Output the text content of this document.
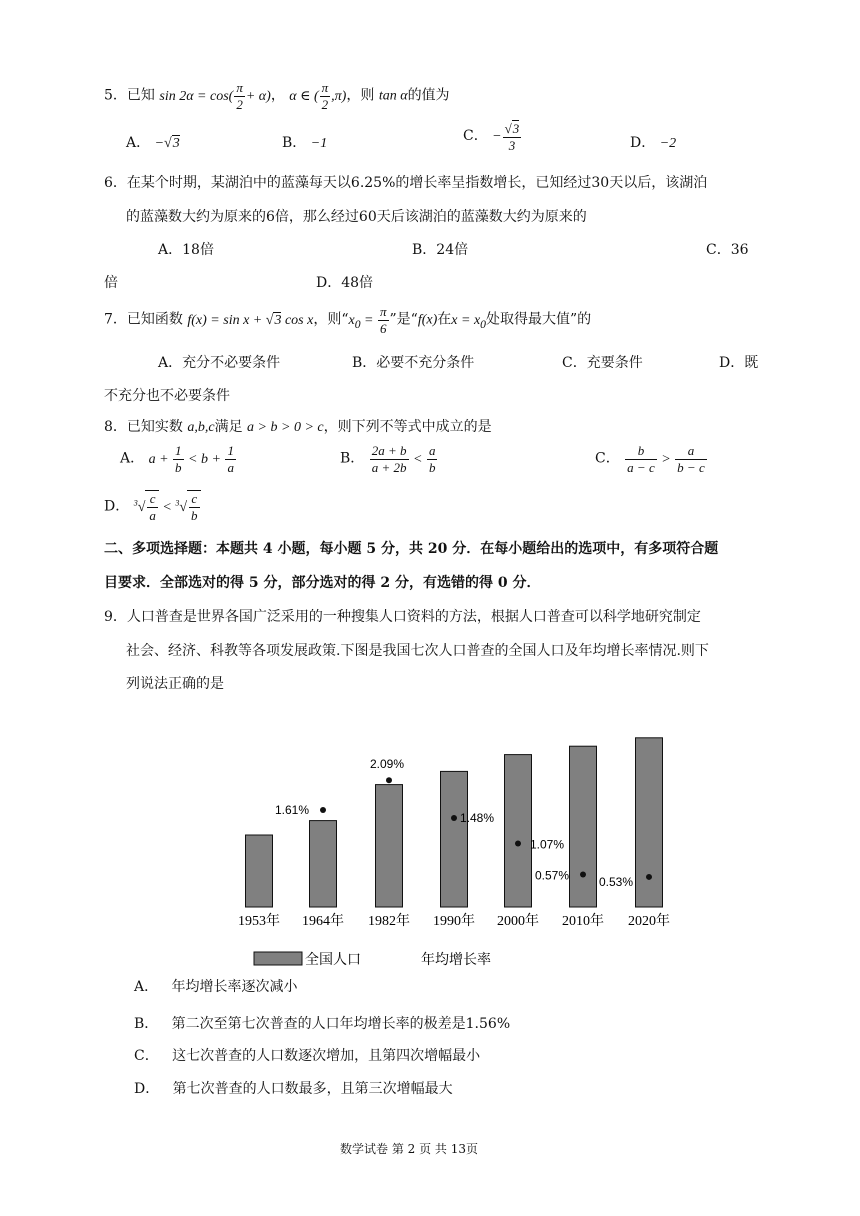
5．已知 $\sin 2\alpha = \cos( \frac{\pi}{2} + \alpha)$， α ∈ ( $\frac{\pi}{2} ,\pi$)，则 tan α的值为
A． −√3	B． −1	C． − $\frac{√3}{3}$	D． −2
6．在某个时期，某湖泊中的蓝藻每天以6.25%的增长率呈指数增长，已知经过30天以后，该湖泊
的蓝藻数大约为原来的6倍，那么经过60天后该湖泊的蓝藻数大约为原来的
A．18倍	B．24倍	C．36
倍	D．48倍
7．已知函数 f(x) = sin x + √3 cos x，则“$x_0 = \frac{\pi}{6}$ ”是“f(x)在$x = x_0$处取得最大值”的
A．充分不必要条件	B．必要不充分条件	C．充要条件	D．既
不充分也不必要条件
8．已知实数 a,b,c满足 a > b > 0 > c，则下列不等式中成立的是
A． $a + \frac{1}{b} < b + \frac{1}{a}$	B． $\frac{2a + b}{a + 2b} < \frac{a}{b}$	C． $\frac{b}{a - c} > \frac{a}{b - c}$
D． $^3√ \frac{c}{a} < ^3√ \frac{c}{b}$
二、多项选择题：本题共 4 小题，每小题 5 分，共 20 分．在每小题给出的选项中，有多项符合题
目要求．全部选对的得 5 分，部分选对的得 2 分，有选错的得 0 分．
9．人口普查是世界各国广泛采用的一种搜集人口资料的方法，根据人口普查可以科学地研究制定
社会、经济、科教等各项发展政策.下图是我国七次人口普查的全国人口及年均增长率情况.则下
列说法正确的是
1.61%
2.09%
1.48%
1.07%
0.57% 0.53%
1953年 1964年 1982年 1990年 2000年 2010年 2020年
全国人口	年均增长率
A． 年均增长率逐次减小
B． 第二次至第七次普查的人口年均增长率的极差是1.56%
C． 这七次普查的人口数逐次增加，且第四次增幅最小
D． 第七次普查的人口数最多，且第三次增幅最大
数学试卷 第 2 页 共 13页
